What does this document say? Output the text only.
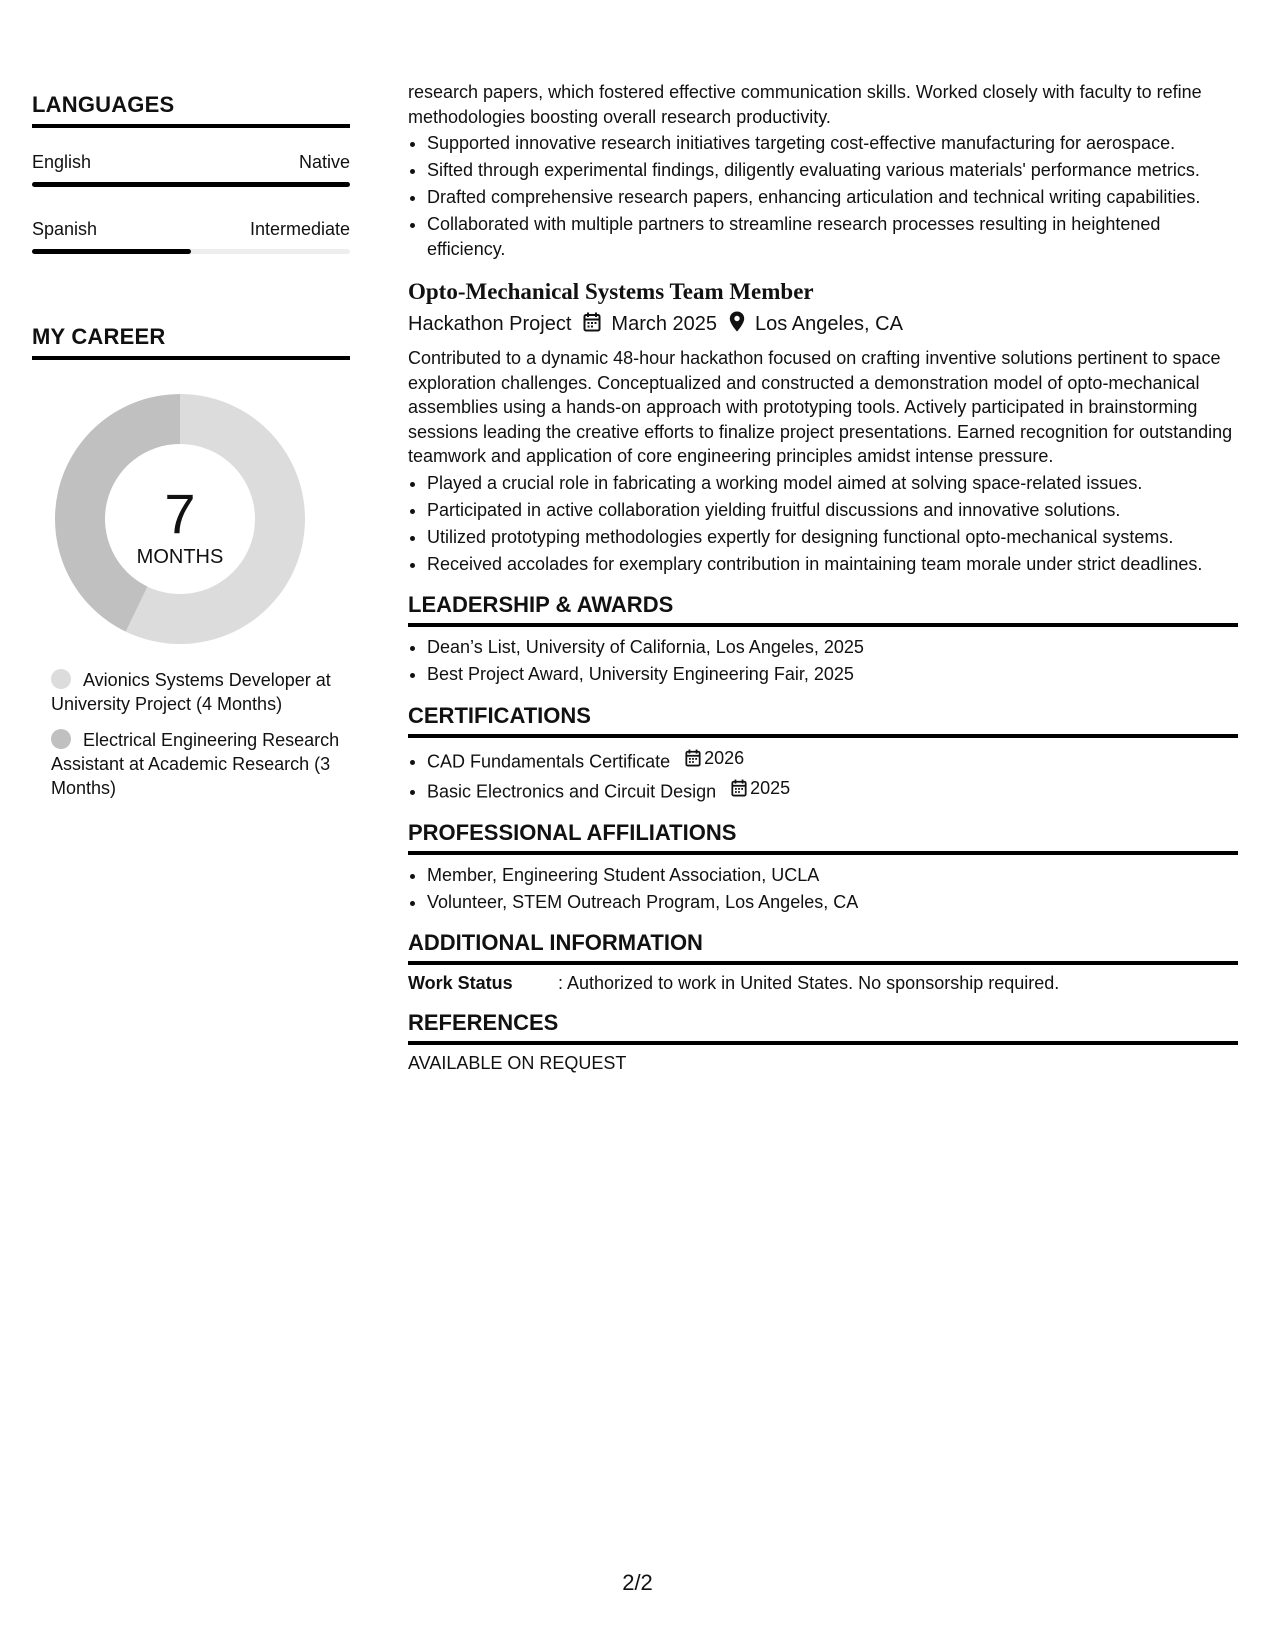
LANGUAGES
English	Native
Spanish	Intermediate
MY CAREER
7
MONTHS
Avionics Systems Developer at University Project (4 Months)
Electrical Engineering Research Assistant at Academic Research (3 Months)

research papers, which fostered effective communication skills. Worked closely with faculty to refine methodologies boosting overall research productivity.

• Supported innovative research initiatives targeting cost-effective manufacturing for aerospace.
• Sifted through experimental findings, diligently evaluating various materials' performance metrics.
• Drafted comprehensive research papers, enhancing articulation and technical writing capabilities.
• Collaborated with multiple partners to streamline research processes resulting in heightened efficiency.
Opto-Mechanical Systems Team Member
Hackathon Project March 2025 Los Angeles, CA

Contributed to a dynamic 48-hour hackathon focused on crafting inventive solutions pertinent to space exploration challenges. Conceptualized and constructed a demonstration model of opto-mechanical assemblies using a hands-on approach with prototyping tools. Actively participated in brainstorming sessions leading the creative efforts to finalize project presentations. Earned recognition for outstanding teamwork and application of core engineering principles amidst intense pressure.

• Played a crucial role in fabricating a working model aimed at solving space-related issues.
• Participated in active collaboration yielding fruitful discussions and innovative solutions.
• Utilized prototyping methodologies expertly for designing functional opto-mechanical systems.
• Received accolades for exemplary contribution in maintaining team morale under strict deadlines.
LEADERSHIP & AWARDS
• Dean’s List, University of California, Los Angeles, 2025
• Best Project Award, University Engineering Fair, 2025
CERTIFICATIONS
• CAD Fundamentals Certificate 2026
• Basic Electronics and Circuit Design 2025
PROFESSIONAL AFFILIATIONS
• Member, Engineering Student Association, UCLA
• Volunteer, STEM Outreach Program, Los Angeles, CA
ADDITIONAL INFORMATION
Work Status	: Authorized to work in United States. No sponsorship required.
REFERENCES
AVAILABLE ON REQUEST
2/2
